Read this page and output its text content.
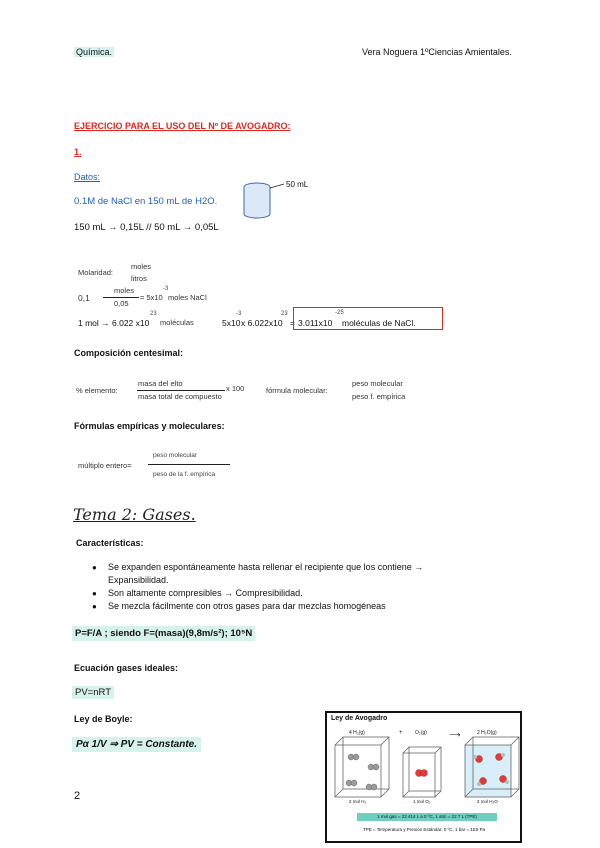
Química.	Vera Noguera 1ºCiencias Amientales.
EJERCICIO PARA EL USO DEL Nº DE AVOGADRO:
1.
Datos:
0.1M de NaCl en 150 mL de H2O.
50 mL
150 mL → 0,15L // 50 mL → 0,05L
Molaridad:
moles
litros
0,1
moles
0,05
= 5x10
-3
moles NaCl
1 mol → 6.022 x10
23
moléculas	5x10
-3
x 6.022x10
23
= 3.011x10
-25
moléculas de NaCl.
Composición centesimal:
% elemento:
masa del elto
masa total de compuesto
x 100	fórmula molecular:
peso molecular
peso f. empírica
Fórmulas empíricas y moleculares:
múltiplo entero=
peso molecular
peso de la f. empírica
Tema 2: Gases.
Características:
● Se expanden espontáneamente hasta rellenar el recipiente que los contiene → Expansibilidad.
● Son altamente compresibles → Compresibilidad.
● Se mezcla fácilmente con otros gases para dar mezclas homogéneas
P=F/A ; siendo F=(masa)(9,8m/s²); 10⁵N
Ecuación gases ideales:
PV=nRT
Ley de Boyle:
Pα 1/V ⇒ PV = Constante.
2
Ley de Avogadro
4 H₂(g)	+ O₂(g)	⟶	2 H₂O(g)
2 mol H₂	1 mol O₂	2 mol H₂O
1 mol gas = 22.414 L a 0 ºC, 1 atm = 22.7 L (TPE)
TPE = Temperatura y Presión Estándar: 0 ºC, 1 bar = 1E5 Pa
